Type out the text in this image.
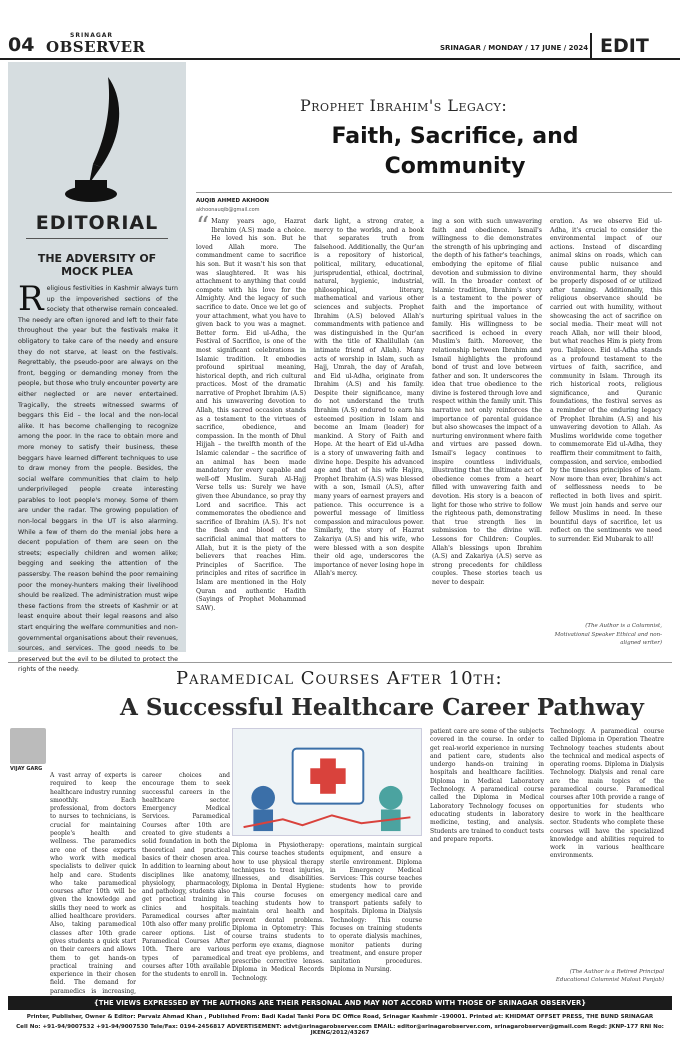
04	SRINAGAR
OBSERVER	SRINAGAR / MONDAY / 17 JUNE / 2024 EDIT
EDITORIAL
THE ADVERSITY OF MOCK PLEA
R eligious festivities in Kashmir always turn up the impoverished sections of the society that otherwise remain concealed. The needy are often ignored and left to their fate throughout the year but the festivals make it obligatory to take care of the needy and ensure they do not starve, at least on the festivals. Regrettably, the pseudo-poor are always on the front, begging or demanding money from the people, but those who truly encounter poverty are either neglected or are never entertained. Tragically, the streets witnessed swarms of beggars this Eid – the local and the non-local alike. It has become challenging to recognize among the poor. In the race to obtain more and more money to satisfy their business, these beggars have learned different techniques to use to draw money from the people. Besides, the social welfare communities that claim to help underprivileged people create interesting parables to loot people's money. Some of them are under the radar. The growing population of non-local beggars in the UT is also alarming. While a few of them do the menial jobs here a decent population of them are seen on the streets; especially children and women alike; begging and seeking the attention of the passersby. The reason behind the poor remaining poor the money-hunters making their livelihood should be realized. The administration must wipe these factions from the streets of Kashmir or at least enquire about their legal reasons and also start enquiring the welfare communities and non-governmental organisations about their revenues, sources, and services. The good needs to be preserved but the evil to be diluted to protect the rights of the needy.
Prophet Ibrahim's Legacy:
Faith, Sacrifice, and
Community
AUQIB AHMED AKHOON
akhoonauqib@gmail.com
“ Many years ago, Hazrat Ibrahim (A.S) made a choice. He loved his son. But he loved Allah more. The commandment came to sacrifice his son. But it wasn't his son that was slaughtered. It was his attachment to anything that could compete with his love for the Almighty. And the legacy of such sacrifice to date. Once we let go of your attachment, what you have to given back to you was a magnet. Better form. Eid ul-Adha, the Festival of Sacrifice, is one of the most significant celebrations in Islamic tradition. It embodies profound spiritual meaning, historical depth, and rich cultural practices. Most of the dramatic narrative of Prophet Ibrahim (A.S) and his unwavering devotion to Allah, this sacred occasion stands as a testament to the virtues of sacrifice, obedience, and compassion. In the month of Dhul Hijjah – the twelfth month of the Islamic calendar – the sacrifice of an animal has been made mandatory for every capable and well-off Muslim. Surah Al-Hajj Verse tells us: Surely we have given thee Abundance, so pray thy Lord and sacrifice. This act commemorates the obedience and sacrifice of Ibrahim (A.S). It's not the flesh and blood of the sacrificial animal that matters to Allah, but it is the piety of the believers that reaches Him. Principles of Sacrifice. The principles and rites of sacrifice in Islam are mentioned in the Holy Quran and authentic Hadith (Sayings of Prophet Mohammad SAW).
dark light, a strong crater, a mercy to the worlds, and a book that separates truth from falsehood. Additionally, the Qur'an is a repository of historical, political, military, educational, jurisprudential, ethical, doctrinal, natural, hygienic, industrial, philosophical, literary, mathematical and various other sciences and subjects. Prophet Ibrahim (A.S) beloved Allah's commandments with patience and was distinguished in the Qur'an with the title of Khalilullah (an intimate friend of Allah). Many acts of worship in Islam, such as Hajj, Umrah, the day of Arafah, and Eid ul-Adha, originate from Ibrahim (A.S) and his family. Despite their significance, many do not understand the truth Ibrahim (A.S) endured to earn his esteemed position in Islam and become an Imam (leader) for mankind. A Story of Faith and Hope. At the heart of Eid ul-Adha is a story of unwavering faith and divine hope. Despite his advanced age and that of his wife Hajira, Prophet Ibrahim (A.S) was blessed with a son, Ismail (A.S), after many years of earnest prayers and patience. This occurrence is a powerful message of limitless compassion and miraculous power. Similarly, the story of Hazrat Zakariya (A.S) and his wife, who were blessed with a son despite their old age, underscores the importance of never losing hope in Allah's mercy.
ing a son with such unwavering faith and obedience. Ismail's willingness to die demonstrates the strength of his upbringing and the depth of his father's teachings, embodying the epitome of filial devotion and submission to divine will. In the broader context of Islamic tradition, Ibrahim's story is a testament to the power of faith and the importance of nurturing spiritual values in the family. His willingness to be sacrificed is echoed in every Muslim's faith. Moreover, the relationship between Ibrahim and Ismail highlights the profound bond of trust and love between father and son. It underscores the idea that true obedience to the divine is fostered through love and respect within the family unit. This narrative not only reinforces the importance of parental guidance but also showcases the impact of a nurturing environment where faith and virtues are passed down. Ismail's legacy continues to inspire countless individuals, illustrating that the ultimate act of obedience comes from a heart filled with unwavering faith and devotion. His story is a beacon of light for those who strive to follow the righteous path, demonstrating that true strength lies in submission to the divine will. Lessons for Children: Couples. Allah's blessings upon Ibrahim (A.S) and Zakariya (A.S) serve as strong precedents for childless couples. These stories teach us never to despair.
eration. As we observe Eid ul-Adha, it's crucial to consider the environmental impact of our actions. Instead of discarding animal skins on roads, which can cause public nuisance and environmental harm, they should be properly disposed of or utilized after tanning. Additionally, this religious observance should be carried out with humility, without showcasing the act of sacrifice on social media. Their meat will not reach Allah, nor will their blood, but what reaches Him is piety from you. Tailpiece. Eid ul-Adha stands as a profound testament to the virtues of faith, sacrifice, and community in Islam. Through its rich historical roots, religious significance, and Quranic foundations, the festival serves as a reminder of the enduring legacy of Prophet Ibrahim (A.S) and his unwavering devotion to Allah. As Muslims worldwide come together to commemorate Eid ul-Adha, they reaffirm their commitment to faith, compassion, and service, embodied by the timeless principles of Islam. Now more than ever, Ibrahim's act of selflessness needs to be reflected in both lives and spirit. We must join hands and serve our fellow Muslims in need. In these bountiful days of sacrifice, let us reflect on the sentiments we need to surrender. Eid Mubarak to all!
(The Author is a Columnist, Motivational Speaker Ethical and non-aligned writer)
Paramedical Courses After 10th:
A Successful Healthcare Career Pathway
VIJAY GARG
A vast array of experts is required to keep the healthcare industry running smoothly. Each professional, from doctors to nurses to technicians, is crucial for maintaining people's health and wellness. The paramedics are one of these experts who work with medical specialists to deliver quick help and care. Students who take paramedical courses after 10th will be given the knowledge and skills they need to work as allied healthcare providers. Also, taking paramedical classes after 10th grade gives students a quick start on their careers and allows them to get hands-on practical training and experience in their chosen field. The demand for paramedics is increasing,
career choices and encourage them to seek successful careers in the healthcare sector. Emergency Medical Services. Paramedical Courses after 10th are created to give students a solid foundation in both the theoretical and practical basics of their chosen area. In addition to learning about disciplines like anatomy, physiology, pharmacology, and pathology, students also get practical training in clinics and hospitals. Paramedical courses after 10th also offer many prolific career options. List of Paramedical Courses After 10th. There are various types of paramedical courses after 10th available for the students to enroll in.
Diploma in Physiotherapy: This course teaches students how to use physical therapy techniques to treat injuries, illnesses, and disabilities. Diploma in Dental Hygiene: This course focuses on teaching students how to maintain oral health and prevent dental problems. Diploma in Optometry: This course trains students to perform eye exams, diagnose and treat eye problems, and prescribe corrective lenses. Diploma in Medical Records Technology.
operations, maintain surgical equipment, and ensure a sterile environment. Diploma in Emergency Medical Services: This course teaches students how to provide emergency medical care and transport patients safely to hospitals. Diploma in Dialysis Technology: This course focuses on training students to operate dialysis machines, monitor patients during treatment, and ensure proper sanitation procedures. Diploma in Nursing.
patient care are some of the subjects covered in the course. In order to get real-world experience in nursing and patient care, students also undergo hands-on training in hospitals and healthcare facilities. Diploma in Medical Laboratory Technology. A paramedical course called the Diploma in Medical Laboratory Technology focuses on educating students in laboratory medicine, testing, and analysis. Students are trained to conduct tests and prepare reports.
Technology. A paramedical course called Diploma in Operation Theatre Technology teaches students about the technical and medical aspects of operating rooms. Diploma in Dialysis Technology. Dialysis and renal care are the main topics of the paramedical course. Paramedical courses after 10th provide a range of opportunities for students who desire to work in the healthcare sector. Students who complete these courses will have the specialized knowledge and abilities required to work in various healthcare environments.
(The Author is a Retired Principal Educational Columnist Malout Punjab)
{THE VIEWS EXPRESSED BY THE AUTHORS ARE THEIR PERSONAL AND MAY NOT ACCORD WITH THOSE OF SRINAGAR OBSERVER}
Printer, Publisher, Owner & Editor: Parvaiz Ahmad Khan , Published From: Badi Kadal Tanki Pora DC Office Road, Srinagar Kashmir -190001. Printed at: KHIDMAT OFFSET PRESS, THE BUND SRINAGAR
Cell No: +91-94/9007532 +91-94/9007530 Tele/Fax: 0194-2456817 ADVERTISEMENT: advt@srinagarobserver.com EMAIL: editor@srinagarobserver.com, srinagarobserver@gmail.com Regd: JKNP-177 RNI No: JKENG/2012/43267
